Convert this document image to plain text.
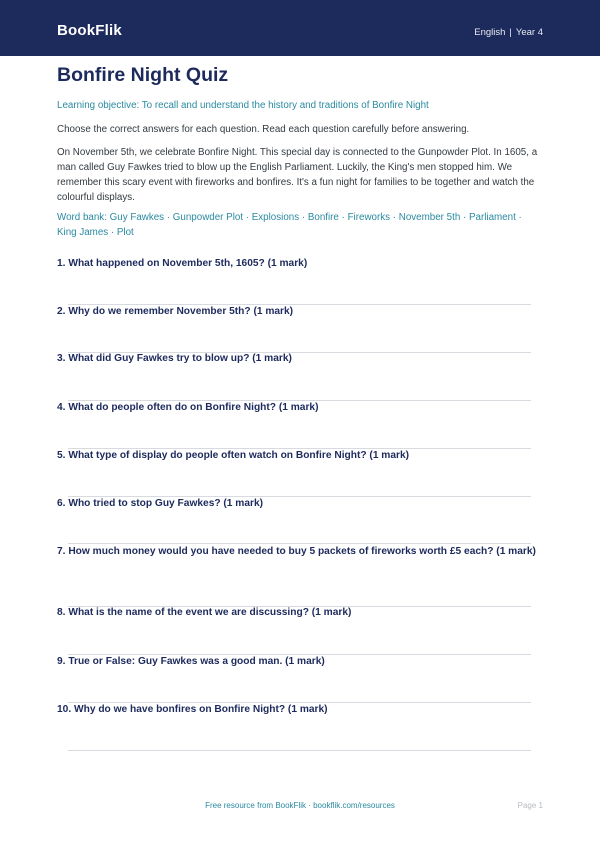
BookFlik	English | Year 4
Bonfire Night Quiz
Learning objective: To recall and understand the history and traditions of Bonfire Night
Choose the correct answers for each question. Read each question carefully before answering.
On November 5th, we celebrate Bonfire Night. This special day is connected to the Gunpowder Plot. In 1605, a man called Guy Fawkes tried to blow up the English Parliament. Luckily, the King's men stopped him. We remember this scary event with fireworks and bonfires. It's a fun night for families to be together and watch the colourful displays.
Word bank: Guy Fawkes · Gunpowder Plot · Explosions · Bonfire · Fireworks · November 5th · Parliament · King James · Plot
1. What happened on November 5th, 1605? (1 mark)
2. Why do we remember November 5th? (1 mark)
3. What did Guy Fawkes try to blow up? (1 mark)
4. What do people often do on Bonfire Night? (1 mark)
5. What type of display do people often watch on Bonfire Night? (1 mark)
6. Who tried to stop Guy Fawkes? (1 mark)
7. How much money would you have needed to buy 5 packets of fireworks worth £5 each? (1 mark)
8. What is the name of the event we are discussing? (1 mark)
9. True or False: Guy Fawkes was a good man. (1 mark)
10. Why do we have bonfires on Bonfire Night? (1 mark)
Free resource from BookFlik · bookflik.com/resources	Page 1
